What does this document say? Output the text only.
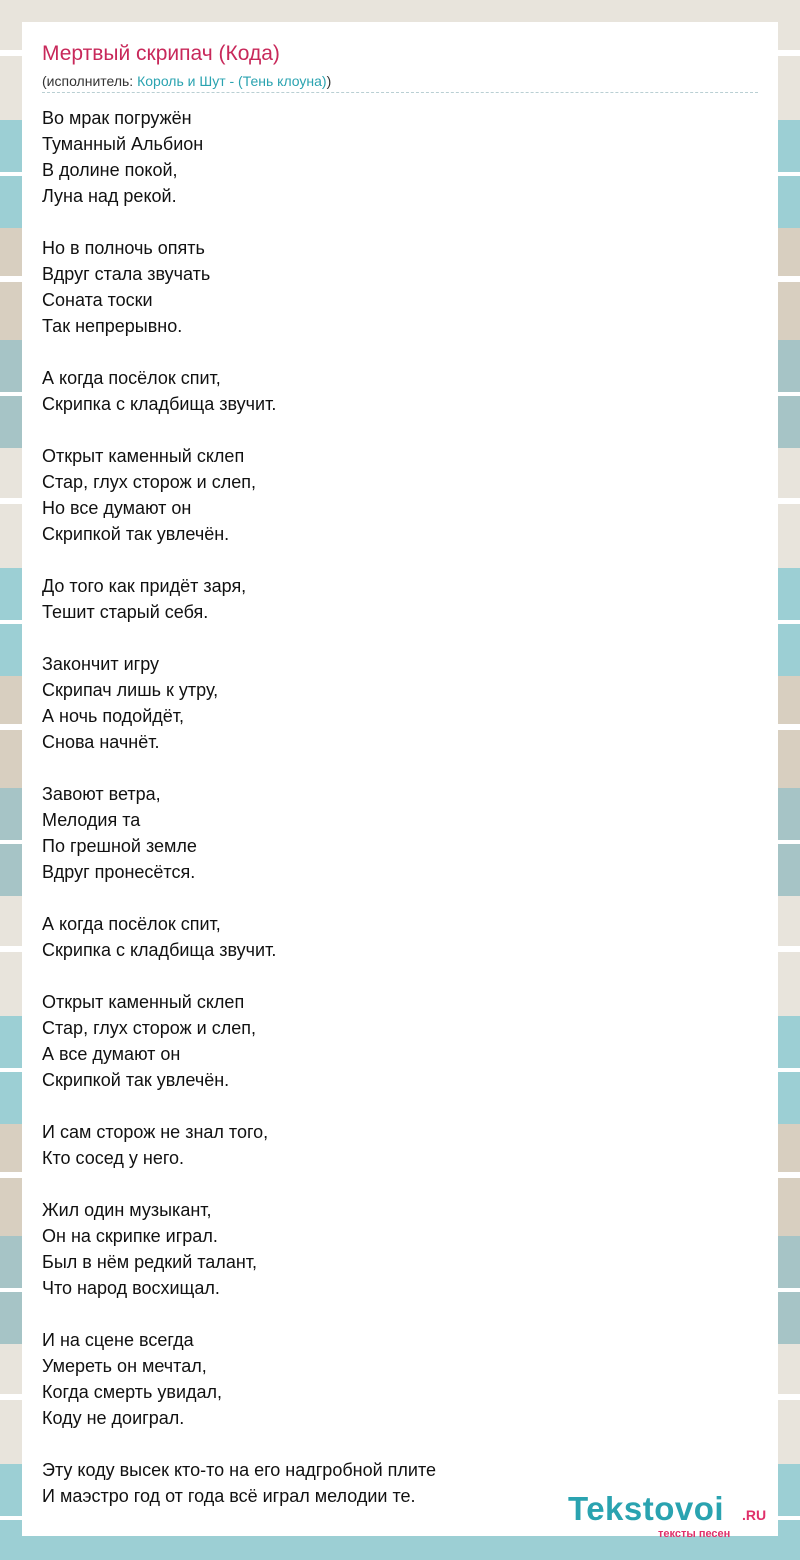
Мертвый скрипач (Кода)
(исполнитель: Король и Шут - (Тень клоуна))
Во мрак погружён
Туманный Альбион
В долине покой,
Луна над рекой.
Но в полночь опять
Вдруг стала звучать
Соната тоски
Так непрерывно.
А когда посёлок спит,
Скрипка с кладбища звучит.
Открыт каменный склеп
Стар, глух сторож и слеп,
Но все думают он
Скрипкой так увлечён.
До того как придёт заря,
Тешит старый себя.
Закончит игру
Скрипач лишь к утру,
А ночь подойдёт,
Снова начнёт.
Завоют ветра,
Мелодия та
По грешной земле
Вдруг пронесётся.
А когда посёлок спит,
Скрипка с кладбища звучит.
Открыт каменный склеп
Стар, глух сторож и слеп,
А все думают он
Скрипкой так увлечён.
И сам сторож не знал того,
Кто сосед у него.
Жил один музыкант,
Он на скрипке играл.
Был в нём редкий талант,
Что народ восхищал.
И на сцене всегда
Умереть он мечтал,
Когда смерть увидал,
Коду не доиграл.
Эту коду высек кто-то на его надгробной плите
И маэстро год от года всё играл мелодии те.	Tekstovoi .RU
тексты песен
